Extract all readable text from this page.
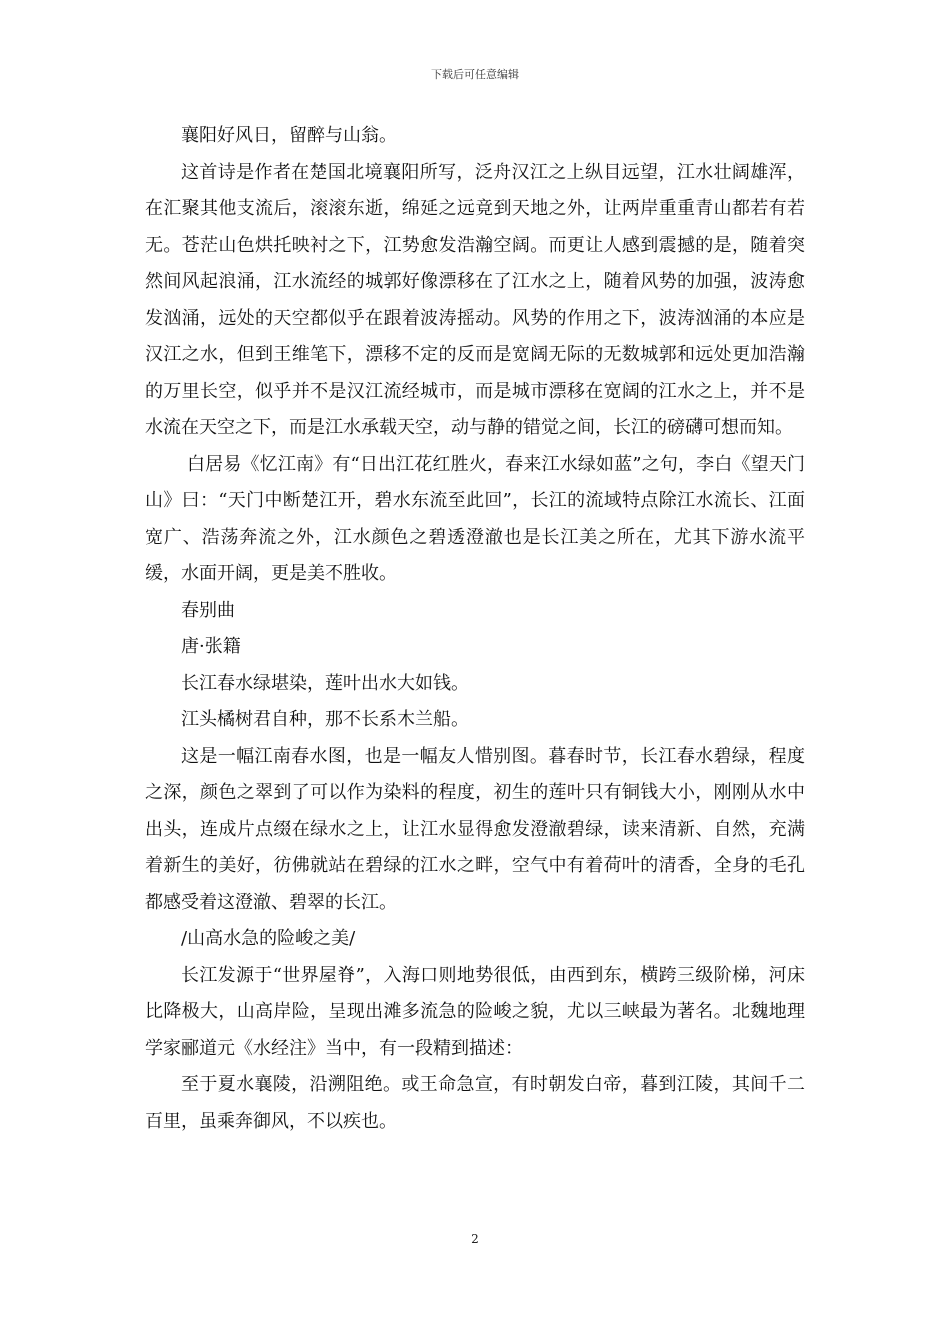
下载后可任意编辑

襄阳好风日，留醉与山翁。

这首诗是作者在楚国北境襄阳所写，泛舟汉江之上纵目远望，江水壮阔雄浑，在汇聚其他支流后，滚滚东逝，绵延之远竟到天地之外，让两岸重重青山都若有若无。苍茫山色烘托映衬之下，江势愈发浩瀚空阔。而更让人感到震撼的是，随着突然间风起浪涌，江水流经的城郭好像漂移在了江水之上，随着风势的加强，波涛愈发汹涌，远处的天空都似乎在跟着波涛摇动。风势的作用之下，波涛汹涌的本应是汉江之水，但到王维笔下，漂移不定的反而是宽阔无际的无数城郭和远处更加浩瀚的万里长空，似乎并不是汉江流经城市，而是城市漂移在宽阔的江水之上，并不是水流在天空之下，而是江水承载天空，动与静的错觉之间，长江的磅礴可想而知。

白居易《忆江南》有“日出江花红胜火，春来江水绿如蓝”之句，李白《望天门山》曰：“天门中断楚江开，碧水东流至此回”，长江的流域特点除江水流长、江面宽广、浩荡奔流之外，江水颜色之碧透澄澈也是长江美之所在，尤其下游水流平缓，水面开阔，更是美不胜收。

春别曲

唐·张籍

长江春水绿堪染，莲叶出水大如钱。

江头橘树君自种，那不长系木兰船。

这是一幅江南春水图，也是一幅友人惜别图。暮春时节，长江春水碧绿，程度之深，颜色之翠到了可以作为染料的程度，初生的莲叶只有铜钱大小，刚刚从水中出头，连成片点缀在绿水之上，让江水显得愈发澄澈碧绿，读来清新、自然，充满着新生的美好，彷佛就站在碧绿的江水之畔，空气中有着荷叶的清香，全身的毛孔都感受着这澄澈、碧翠的长江。

/山高水急的险峻之美/

长江发源于“世界屋脊”，入海口则地势很低，由西到东，横跨三级阶梯，河床比降极大，山高岸险，呈现出滩多流急的险峻之貌，尤以三峡最为著名。北魏地理学家郦道元《水经注》当中，有一段精到描述：

至于夏水襄陵，沿溯阻绝。或王命急宣，有时朝发白帝，暮到江陵，其间千二百里，虽乘奔御风，不以疾也。

2
